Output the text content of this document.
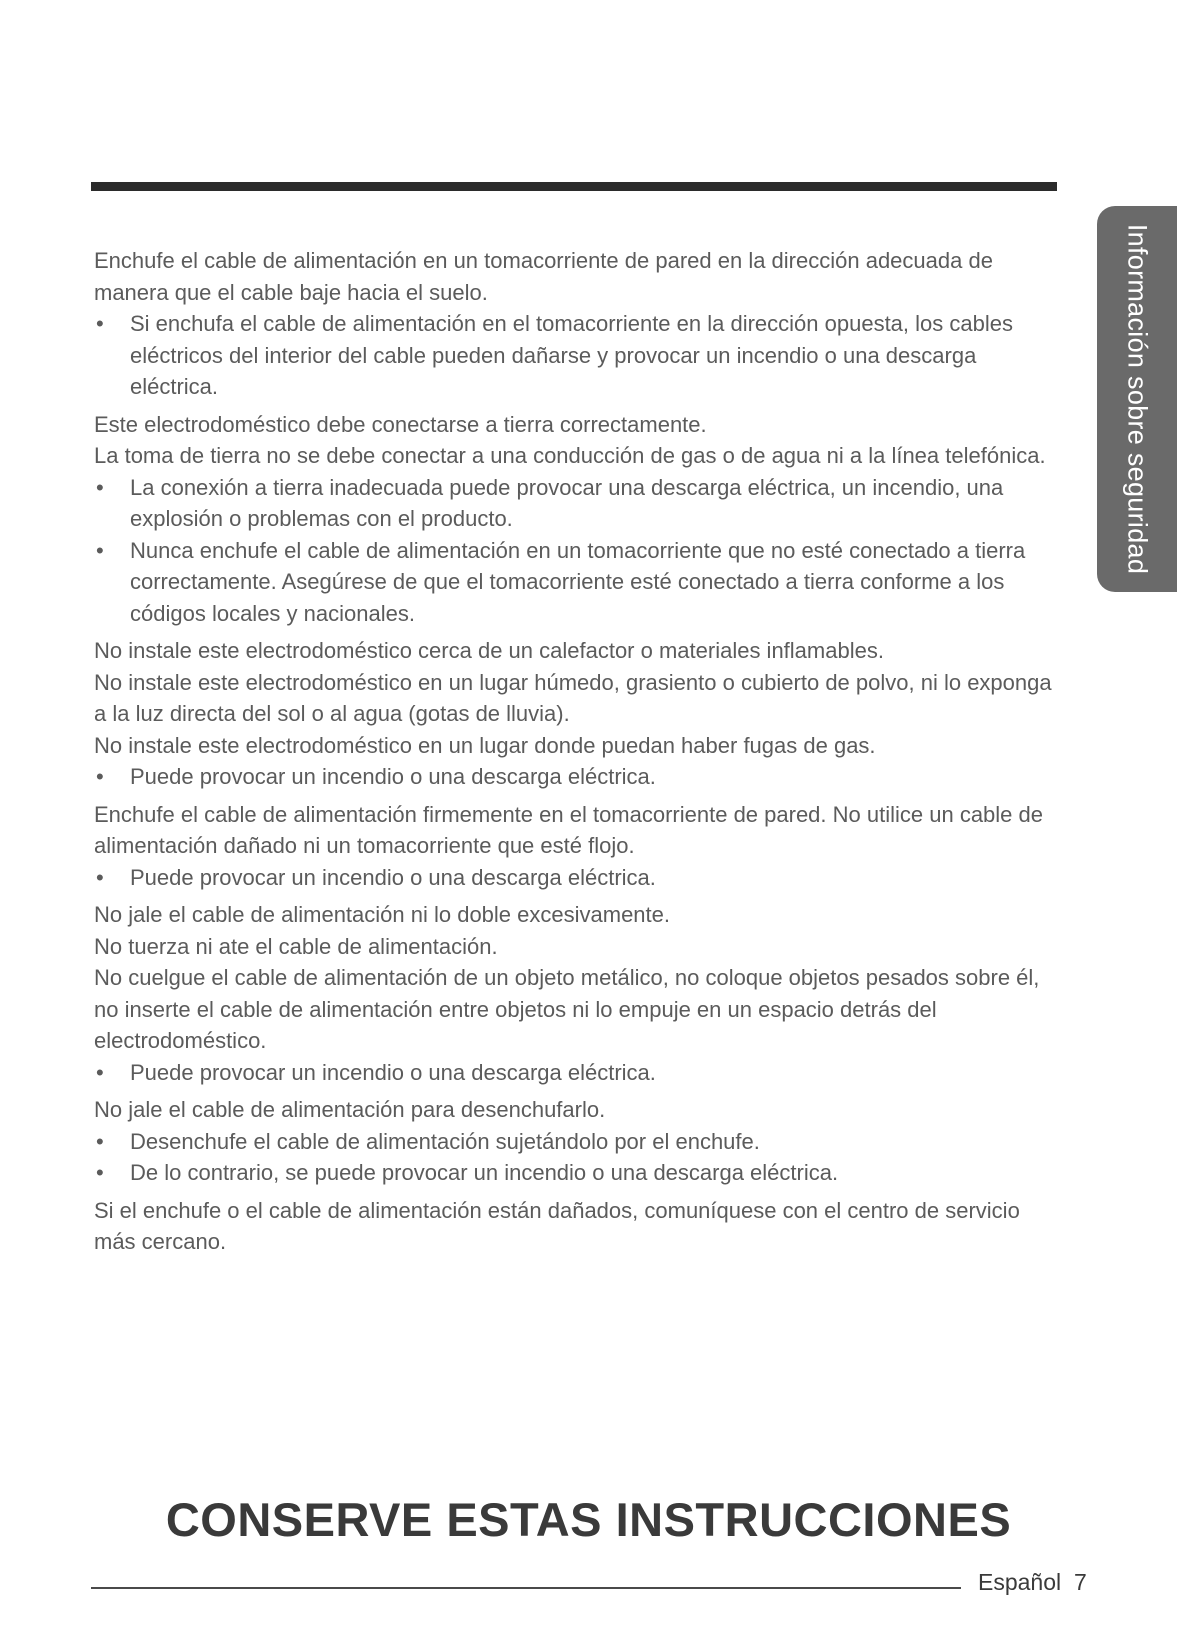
Información sobre seguridad

Enchufe el cable de alimentación en un tomacorriente de pared en la dirección adecuada de manera que el cable baje hacia el suelo.

• Si enchufa el cable de alimentación en el tomacorriente en la dirección opuesta, los cables eléctricos del interior del cable pueden dañarse y provocar un incendio o una descarga eléctrica.

Este electrodoméstico debe conectarse a tierra correctamente.

La toma de tierra no se debe conectar a una conducción de gas o de agua ni a la línea telefónica.

• La conexión a tierra inadecuada puede provocar una descarga eléctrica, un incendio, una explosión o problemas con el producto.
• Nunca enchufe el cable de alimentación en un tomacorriente que no esté conectado a tierra correctamente. Asegúrese de que el tomacorriente esté conectado a tierra conforme a los códigos locales y nacionales.

No instale este electrodoméstico cerca de un calefactor o materiales inflamables.

No instale este electrodoméstico en un lugar húmedo, grasiento o cubierto de polvo, ni lo exponga a la luz directa del sol o al agua (gotas de lluvia).

No instale este electrodoméstico en un lugar donde puedan haber fugas de gas.

• Puede provocar un incendio o una descarga eléctrica.

Enchufe el cable de alimentación firmemente en el tomacorriente de pared. No utilice un cable de alimentación dañado ni un tomacorriente que esté flojo.

• Puede provocar un incendio o una descarga eléctrica.

No jale el cable de alimentación ni lo doble excesivamente.

No tuerza ni ate el cable de alimentación.

No cuelgue el cable de alimentación de un objeto metálico, no coloque objetos pesados sobre él, no inserte el cable de alimentación entre objetos ni lo empuje en un espacio detrás del electrodoméstico.

• Puede provocar un incendio o una descarga eléctrica.

No jale el cable de alimentación para desenchufarlo.

• Desenchufe el cable de alimentación sujetándolo por el enchufe.
• De lo contrario, se puede provocar un incendio o una descarga eléctrica.

Si el enchufe o el cable de alimentación están dañados, comuníquese con el centro de servicio más cercano.

CONSERVE ESTAS INSTRUCCIONES
Español 7
